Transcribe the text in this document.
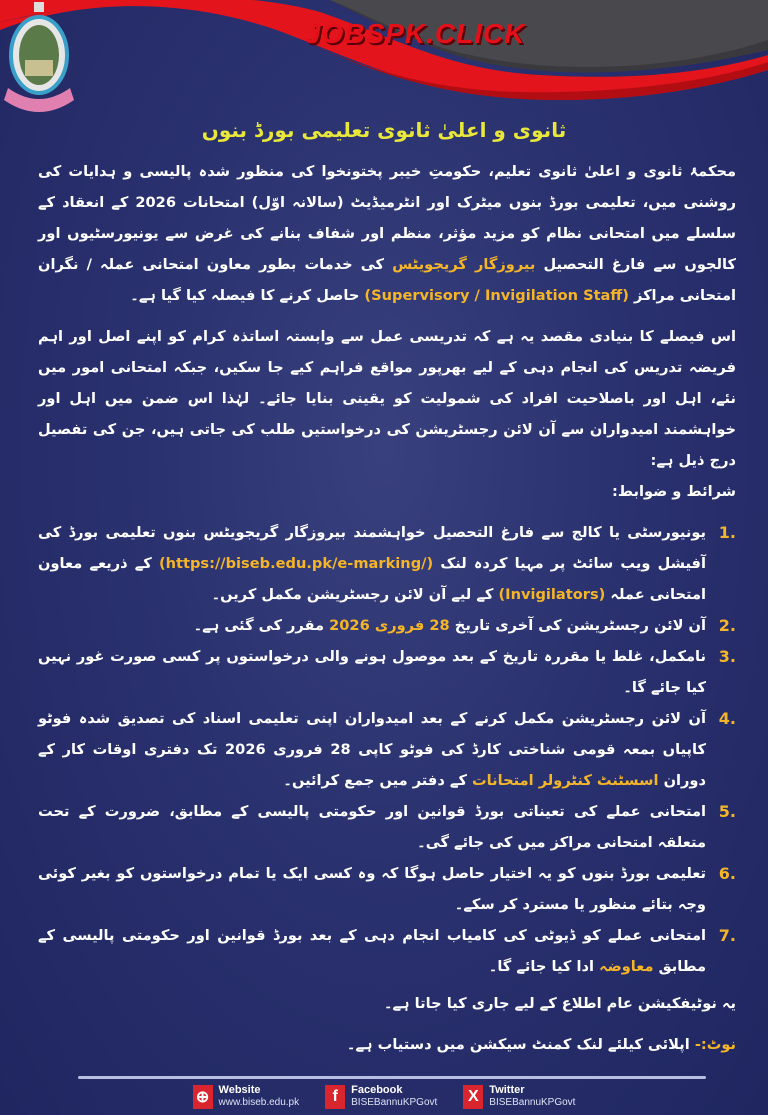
JOBSPK.CLICK
ثانوی و اعلیٰ ثانوی تعلیمی بورڈ بنوں

محکمۂ ثانوی و اعلیٰ ثانوی تعلیم، حکومتِ خیبر پختونخوا کی منظور شدہ پالیسی و ہدایات کی روشنی میں، تعلیمی بورڈ بنوں میٹرک اور انٹرمیڈیٹ (سالانہ اوّل) امتحانات 2026 کے انعقاد کے سلسلے میں امتحانی نظام کو مزید مؤثر، منظم اور شفاف بنانے کی غرض سے یونیورسٹیوں اور کالجوں سے فارغ التحصیل بیروزگار گریجویٹس کی خدمات بطور معاون امتحانی عملہ / نگران امتحانی مراکز (Supervisory / Invigilation Staff) حاصل کرنے کا فیصلہ کیا گیا ہے۔

اس فیصلے کا بنیادی مقصد یہ ہے کہ تدریسی عمل سے وابستہ اساتذہ کرام کو اپنے اصل اور اہم فریضہ تدریس کی انجام دہی کے لیے بھرپور مواقع فراہم کیے جا سکیں، جبکہ امتحانی امور میں نئے، اہل اور باصلاحیت افراد کی شمولیت کو یقینی بنایا جائے۔ لہٰذا اس ضمن میں اہل اور خواہشمند امیدواران سے آن لائن رجسٹریشن کی درخواستیں طلب کی جاتی ہیں، جن کی تفصیل درج ذیل ہے:

شرائط و ضوابط:

1.
یونیورسٹی یا کالج سے فارغ التحصیل خواہشمند بیروزگار گریجویٹس بنوں تعلیمی بورڈ کی آفیشل ویب سائٹ پر مہیا کردہ لنک (https://biseb.edu.pk/e-marking/) کے ذریعے معاون امتحانی عملہ (Invigilators) کے لیے آن لائن رجسٹریشن مکمل کریں۔
2.
آن لائن رجسٹریشن کی آخری تاریخ 28 فروری 2026 مقرر کی گئی ہے۔
3.
نامکمل، غلط یا مقررہ تاریخ کے بعد موصول ہونے والی درخواستوں پر کسی صورت غور نہیں کیا جائے گا۔
4.
آن لائن رجسٹریشن مکمل کرنے کے بعد امیدواران اپنی تعلیمی اسناد کی تصدیق شدہ فوٹو کاپیاں بمعہ قومی شناختی کارڈ کی فوٹو کاپی 28 فروری 2026 تک دفتری اوقات کار کے دوران اسسٹنٹ کنٹرولر امتحانات کے دفتر میں جمع کرائیں۔
5.
امتحانی عملے کی تعیناتی بورڈ قوانین اور حکومتی پالیسی کے مطابق، ضرورت کے تحت متعلقہ امتحانی مراکز میں کی جائے گی۔
6.
تعلیمی بورڈ بنوں کو یہ اختیار حاصل ہوگا کہ وہ کسی ایک یا تمام درخواستوں کو بغیر کوئی وجہ بتائے منظور یا مسترد کر سکے۔
7.
امتحانی عملے کو ڈیوٹی کی کامیاب انجام دہی کے بعد بورڈ قوانین اور حکومتی پالیسی کے مطابق معاوضہ ادا کیا جائے گا۔

یہ نوٹیفکیشن عام اطلاع کے لیے جاری کیا جاتا ہے۔

نوٹ:- اپلائی کیلئے لنک کمنٹ سیکشن میں دستیاب ہے۔

⊕ Website
www.biseb.edu.pk	f	Facebook
BISEBannuKPGovt X Twitter
BISEBannuKPGovt
